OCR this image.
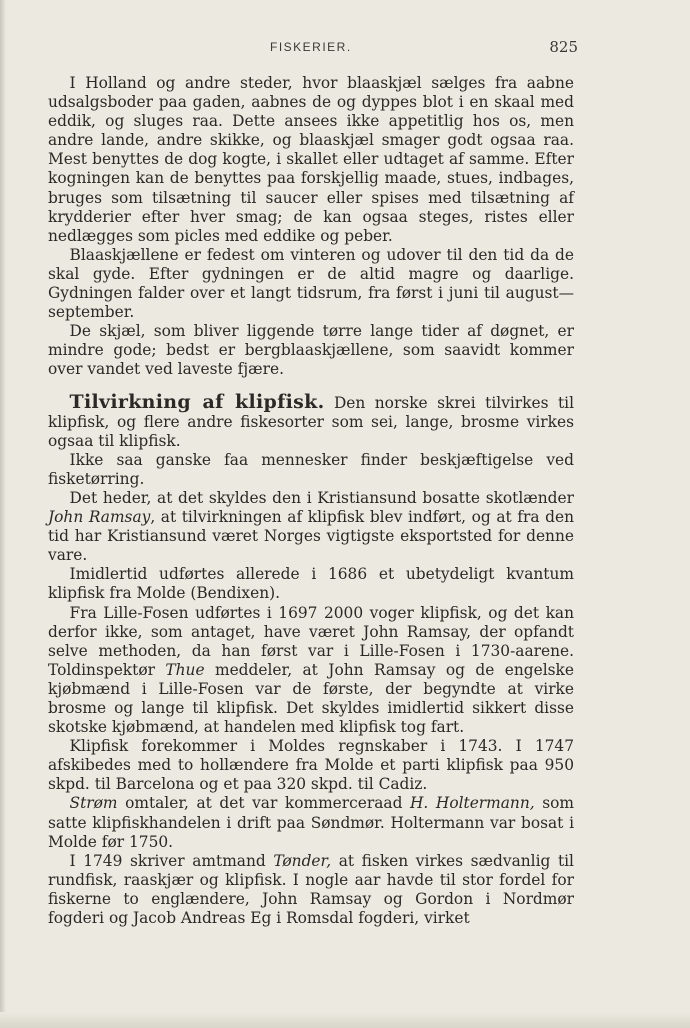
FISKERIER.	825

I Holland og andre steder, hvor blaaskjæl sælges fra aabne udsalgsboder paa gaden, aabnes de og dyppes blot i en skaal med eddik, og sluges raa. Dette ansees ikke appetitlig hos os, men andre lande, andre skikke, og blaaskjæl smager godt ogsaa raa. Mest benyttes de dog kogte, i skallet eller udtaget af samme. Efter kogningen kan de benyttes paa forskjellig maade, stues, indbages, bruges som tilsætning til saucer eller spises med tilsætning af krydderier efter hver smag; de kan ogsaa steges, ristes eller nedlægges som picles med eddike og peber.

Blaaskjællene er fedest om vinteren og udover til den tid da de skal gyde. Efter gydningen er de altid magre og daarlige. Gydningen falder over et langt tidsrum, fra først i juni til august—september.

De skjæl, som bliver liggende tørre lange tider af døgnet, er mindre gode; bedst er bergblaaskjællene, som saavidt kommer over vandet ved laveste fjære.

Tilvirkning af klipfisk. Den norske skrei tilvirkes til klipfisk, og flere andre fiskesorter som sei, lange, brosme virkes ogsaa til klipfisk.

Ikke saa ganske faa mennesker finder beskjæftigelse ved fisketørring.

Det heder, at det skyldes den i Kristiansund bosatte skotlænder John Ramsay, at tilvirkningen af klipfisk blev indført, og at fra den tid har Kristiansund været Norges vigtigste eksportsted for denne vare.

Imidlertid udførtes allerede i 1686 et ubetydeligt kvantum klipfisk fra Molde (Bendixen).

Fra Lille-Fosen udførtes i 1697 2000 voger klipfisk, og det kan derfor ikke, som antaget, have været John Ramsay, der opfandt selve methoden, da han først var i Lille-Fosen i 1730-aarene. Toldinspektør Thue meddeler, at John Ramsay og de engelske kjøbmænd i Lille-Fosen var de første, der begyndte at virke brosme og lange til klipfisk. Det skyldes imidlertid sikkert disse skotske kjøbmænd, at handelen med klipfisk tog fart.

Klipfisk forekommer i Moldes regnskaber i 1743. I 1747 afskibedes med to hollændere fra Molde et parti klipfisk paa 950 skpd. til Barcelona og et paa 320 skpd. til Cadiz.

Strøm omtaler, at det var kommerceraad H. Holtermann, som satte klipfiskhandelen i drift paa Søndmør. Holtermann var bosat i Molde før 1750.

I 1749 skriver amtmand Tønder, at fisken virkes sædvanlig til rundfisk, raaskjær og klipfisk. I nogle aar havde til stor fordel for fiskerne to englændere, John Ramsay og Gordon i Nordmør fogderi og Jacob Andreas Eg i Romsdal fogderi, virket
